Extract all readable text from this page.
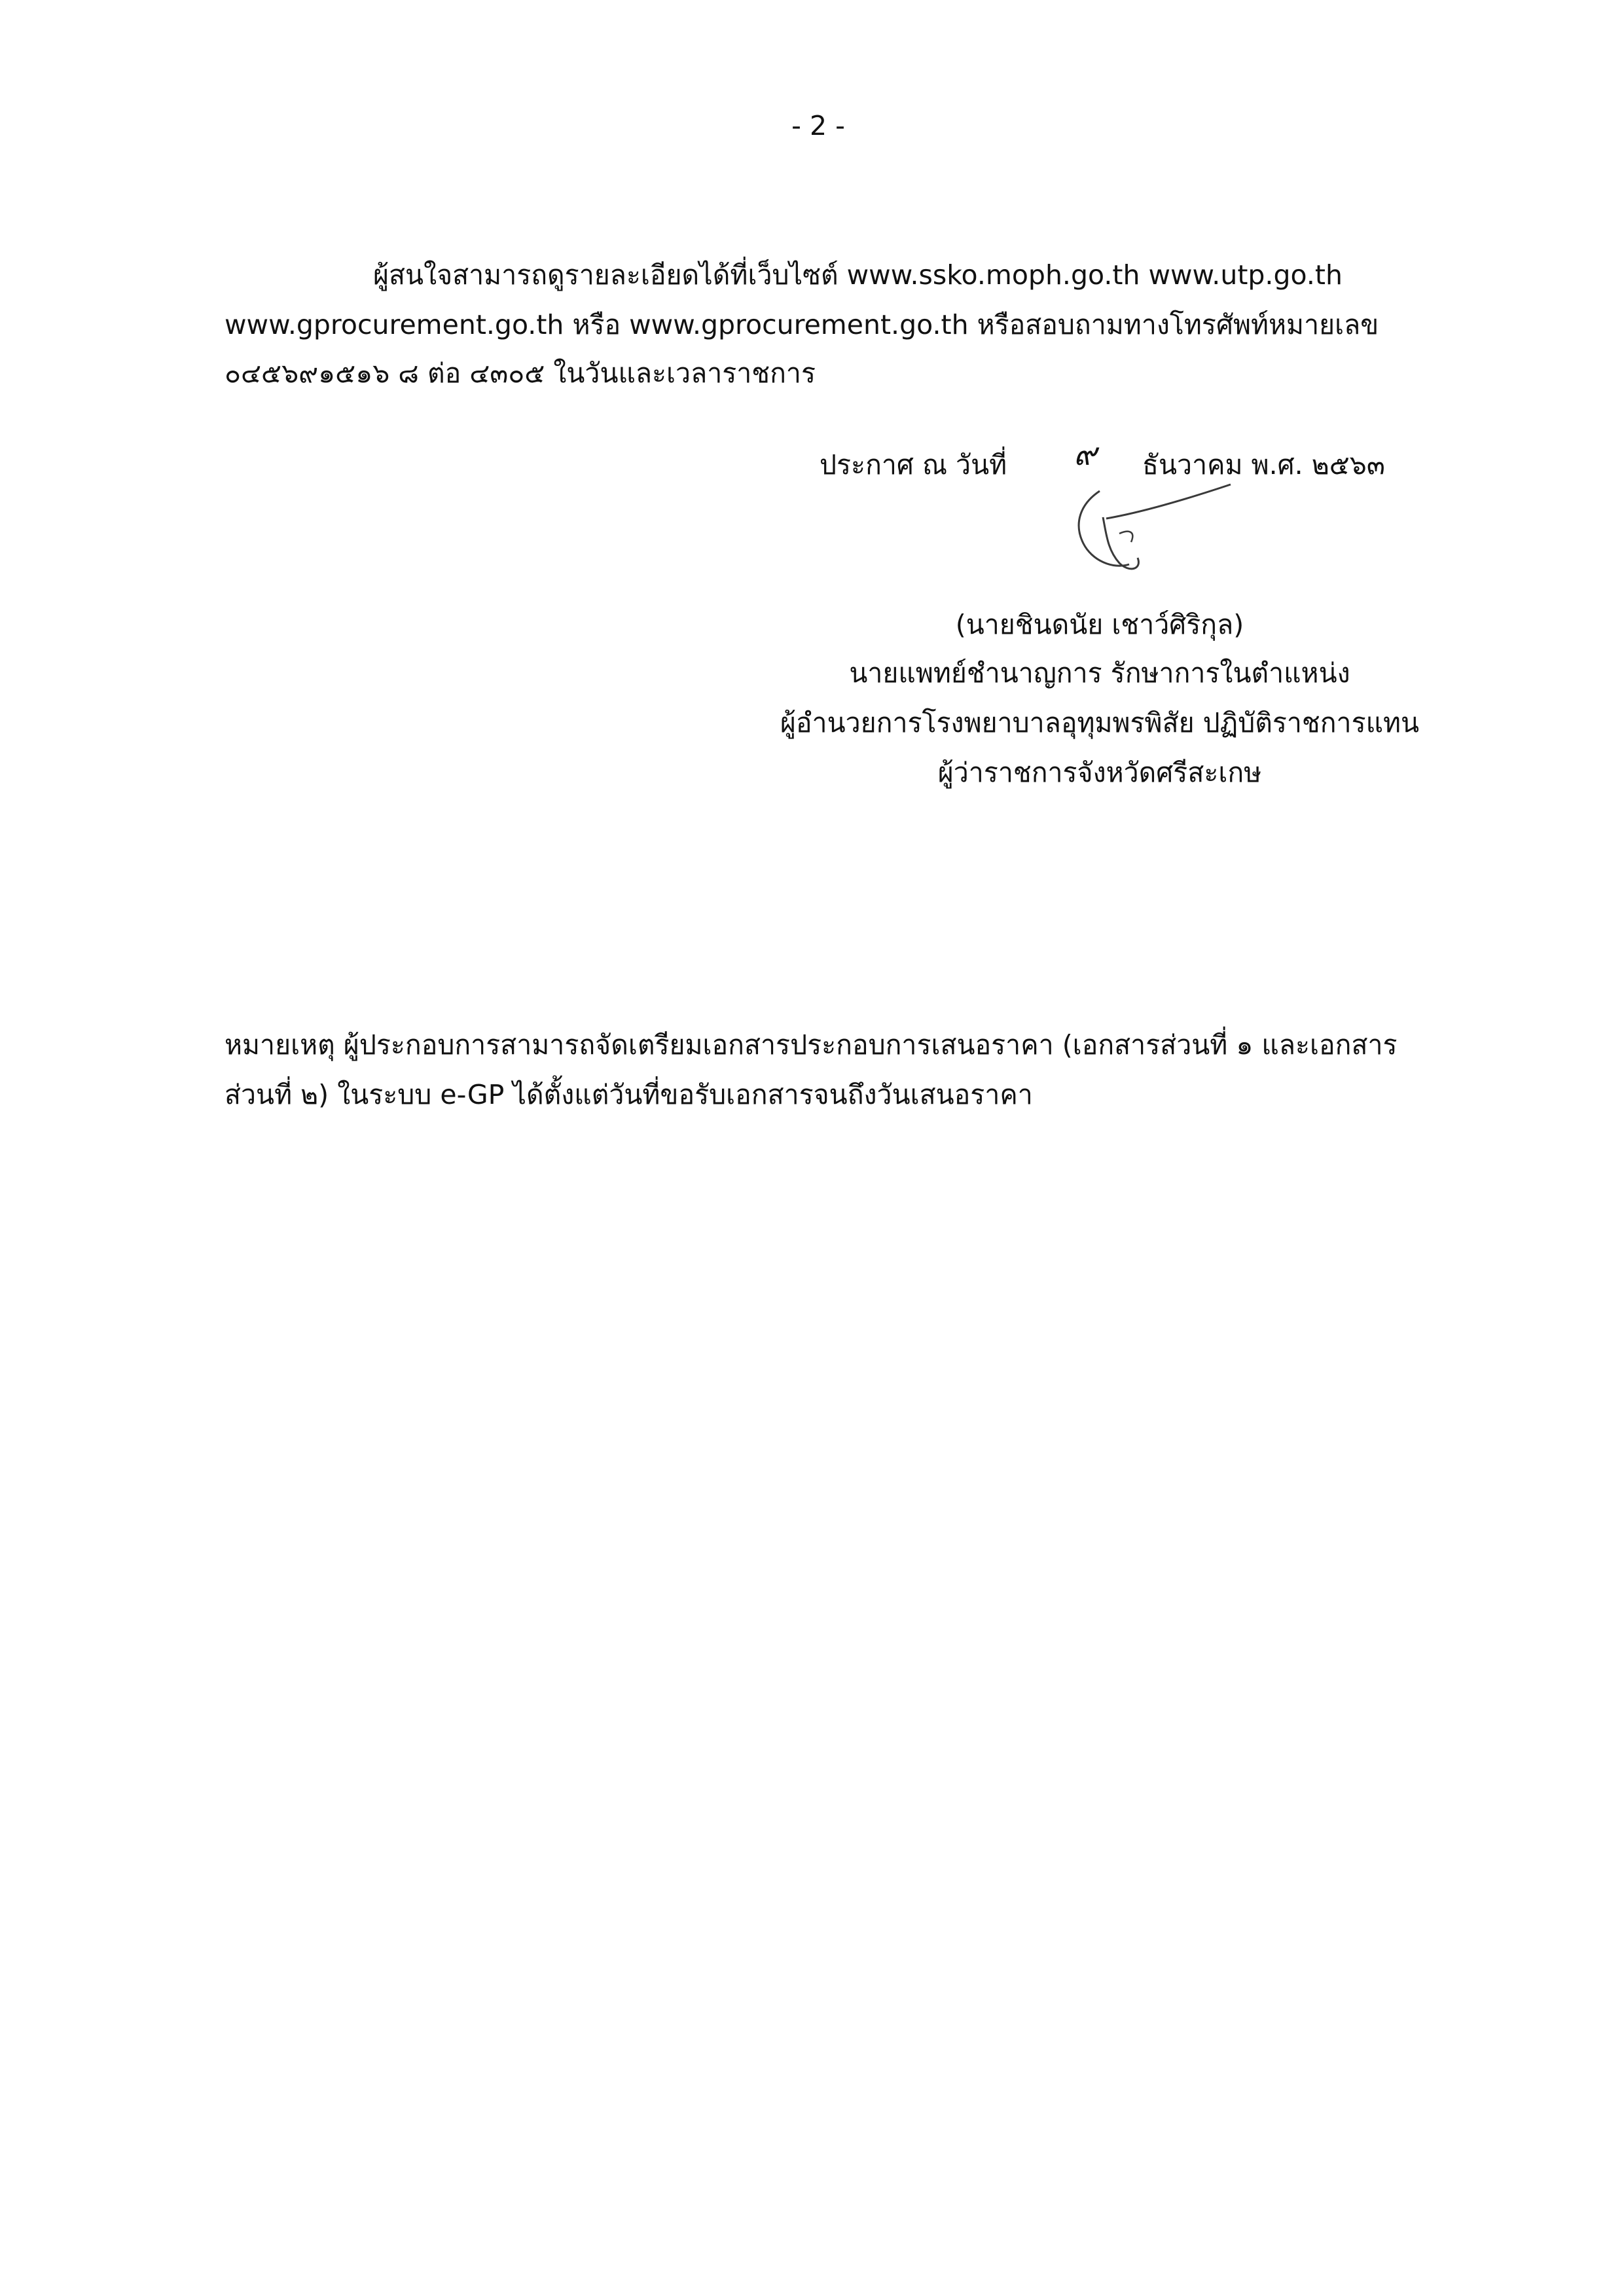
- 2 -
ผู้สนใจสามารถดูรายละเอียดได้ที่เว็บไซต์ www.ssko.moph.go.th www.utp.go.th
www.gprocurement.go.th หรือ www.gprocurement.go.th หรือสอบถามทางโทรศัพท์หมายเลข
๐๔๕๖๙๑๕๑๖ ๘ ต่อ ๔๓๐๕ ในวันและเวลาราชการ
ประกาศ ณ วันที่ ๙ ธันวาคม พ.ศ. ๒๕๖๓
(นายชินดนัย เชาว์ศิริกุล)
นายแพทย์ชำนาญการ รักษาการในตำแหน่ง
ผู้อำนวยการโรงพยาบาลอุทุมพรพิสัย ปฏิบัติราชการแทน
ผู้ว่าราชการจังหวัดศรีสะเกษ
หมายเหตุ ผู้ประกอบการสามารถจัดเตรียมเอกสารประกอบการเสนอราคา (เอกสารส่วนที่ ๑ และเอกสาร
ส่วนที่ ๒) ในระบบ e-GP ได้ตั้งแต่วันที่ขอรับเอกสารจนถึงวันเสนอราคา
